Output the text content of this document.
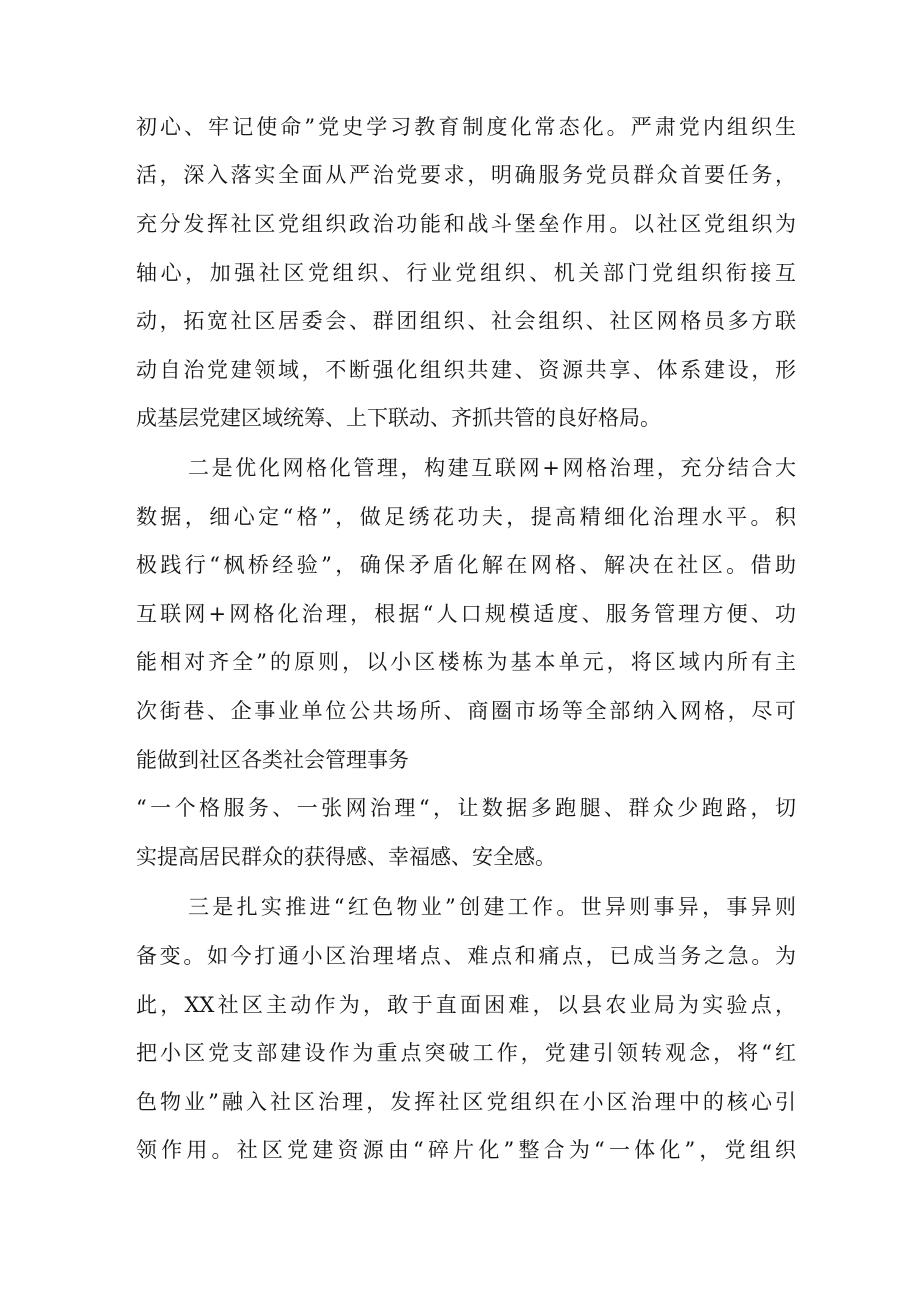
初心、牢记使命”党史学习教育制度化常态化。严肃党内组织生
活，深入落实全面从严治党要求，明确服务党员群众首要任务，
充分发挥社区党组织政治功能和战斗堡垒作用。以社区党组织为
轴心，加强社区党组织、行业党组织、机关部门党组织衔接互
动，拓宽社区居委会、群团组织、社会组织、社区网格员多方联
动自治党建领域，不断强化组织共建、资源共享、体系建设，形
成基层党建区域统筹、上下联动、齐抓共管的良好格局。
二是优化网格化管理，构建互联网+网格治理，充分结合大
数据，细心定“格”，做足绣花功夫，提高精细化治理水平。积
极践行“枫桥经验”，确保矛盾化解在网格、解决在社区。借助
互联网+网格化治理，根据“人口规模适度、服务管理方便、功
能相对齐全”的原则，以小区楼栋为基本单元，将区域内所有主
次街巷、企事业单位公共场所、商圈市场等全部纳入网格，尽可
能做到社区各类社会管理事务
“一个格服务、一张网治理“，让数据多跑腿、群众少跑路，切
实提高居民群众的获得感、幸福感、安全感。
三是扎实推进“红色物业”创建工作。世异则事异，事异则
备变。如今打通小区治理堵点、难点和痛点，已成当务之急。为
此，XX社区主动作为，敢于直面困难，以县农业局为实验点，
把小区党支部建设作为重点突破工作，党建引领转观念，将“红
色物业”融入社区治理，发挥社区党组织在小区治理中的核心引
领作用。社区党建资源由“碎片化”整合为“一体化”，党组织
